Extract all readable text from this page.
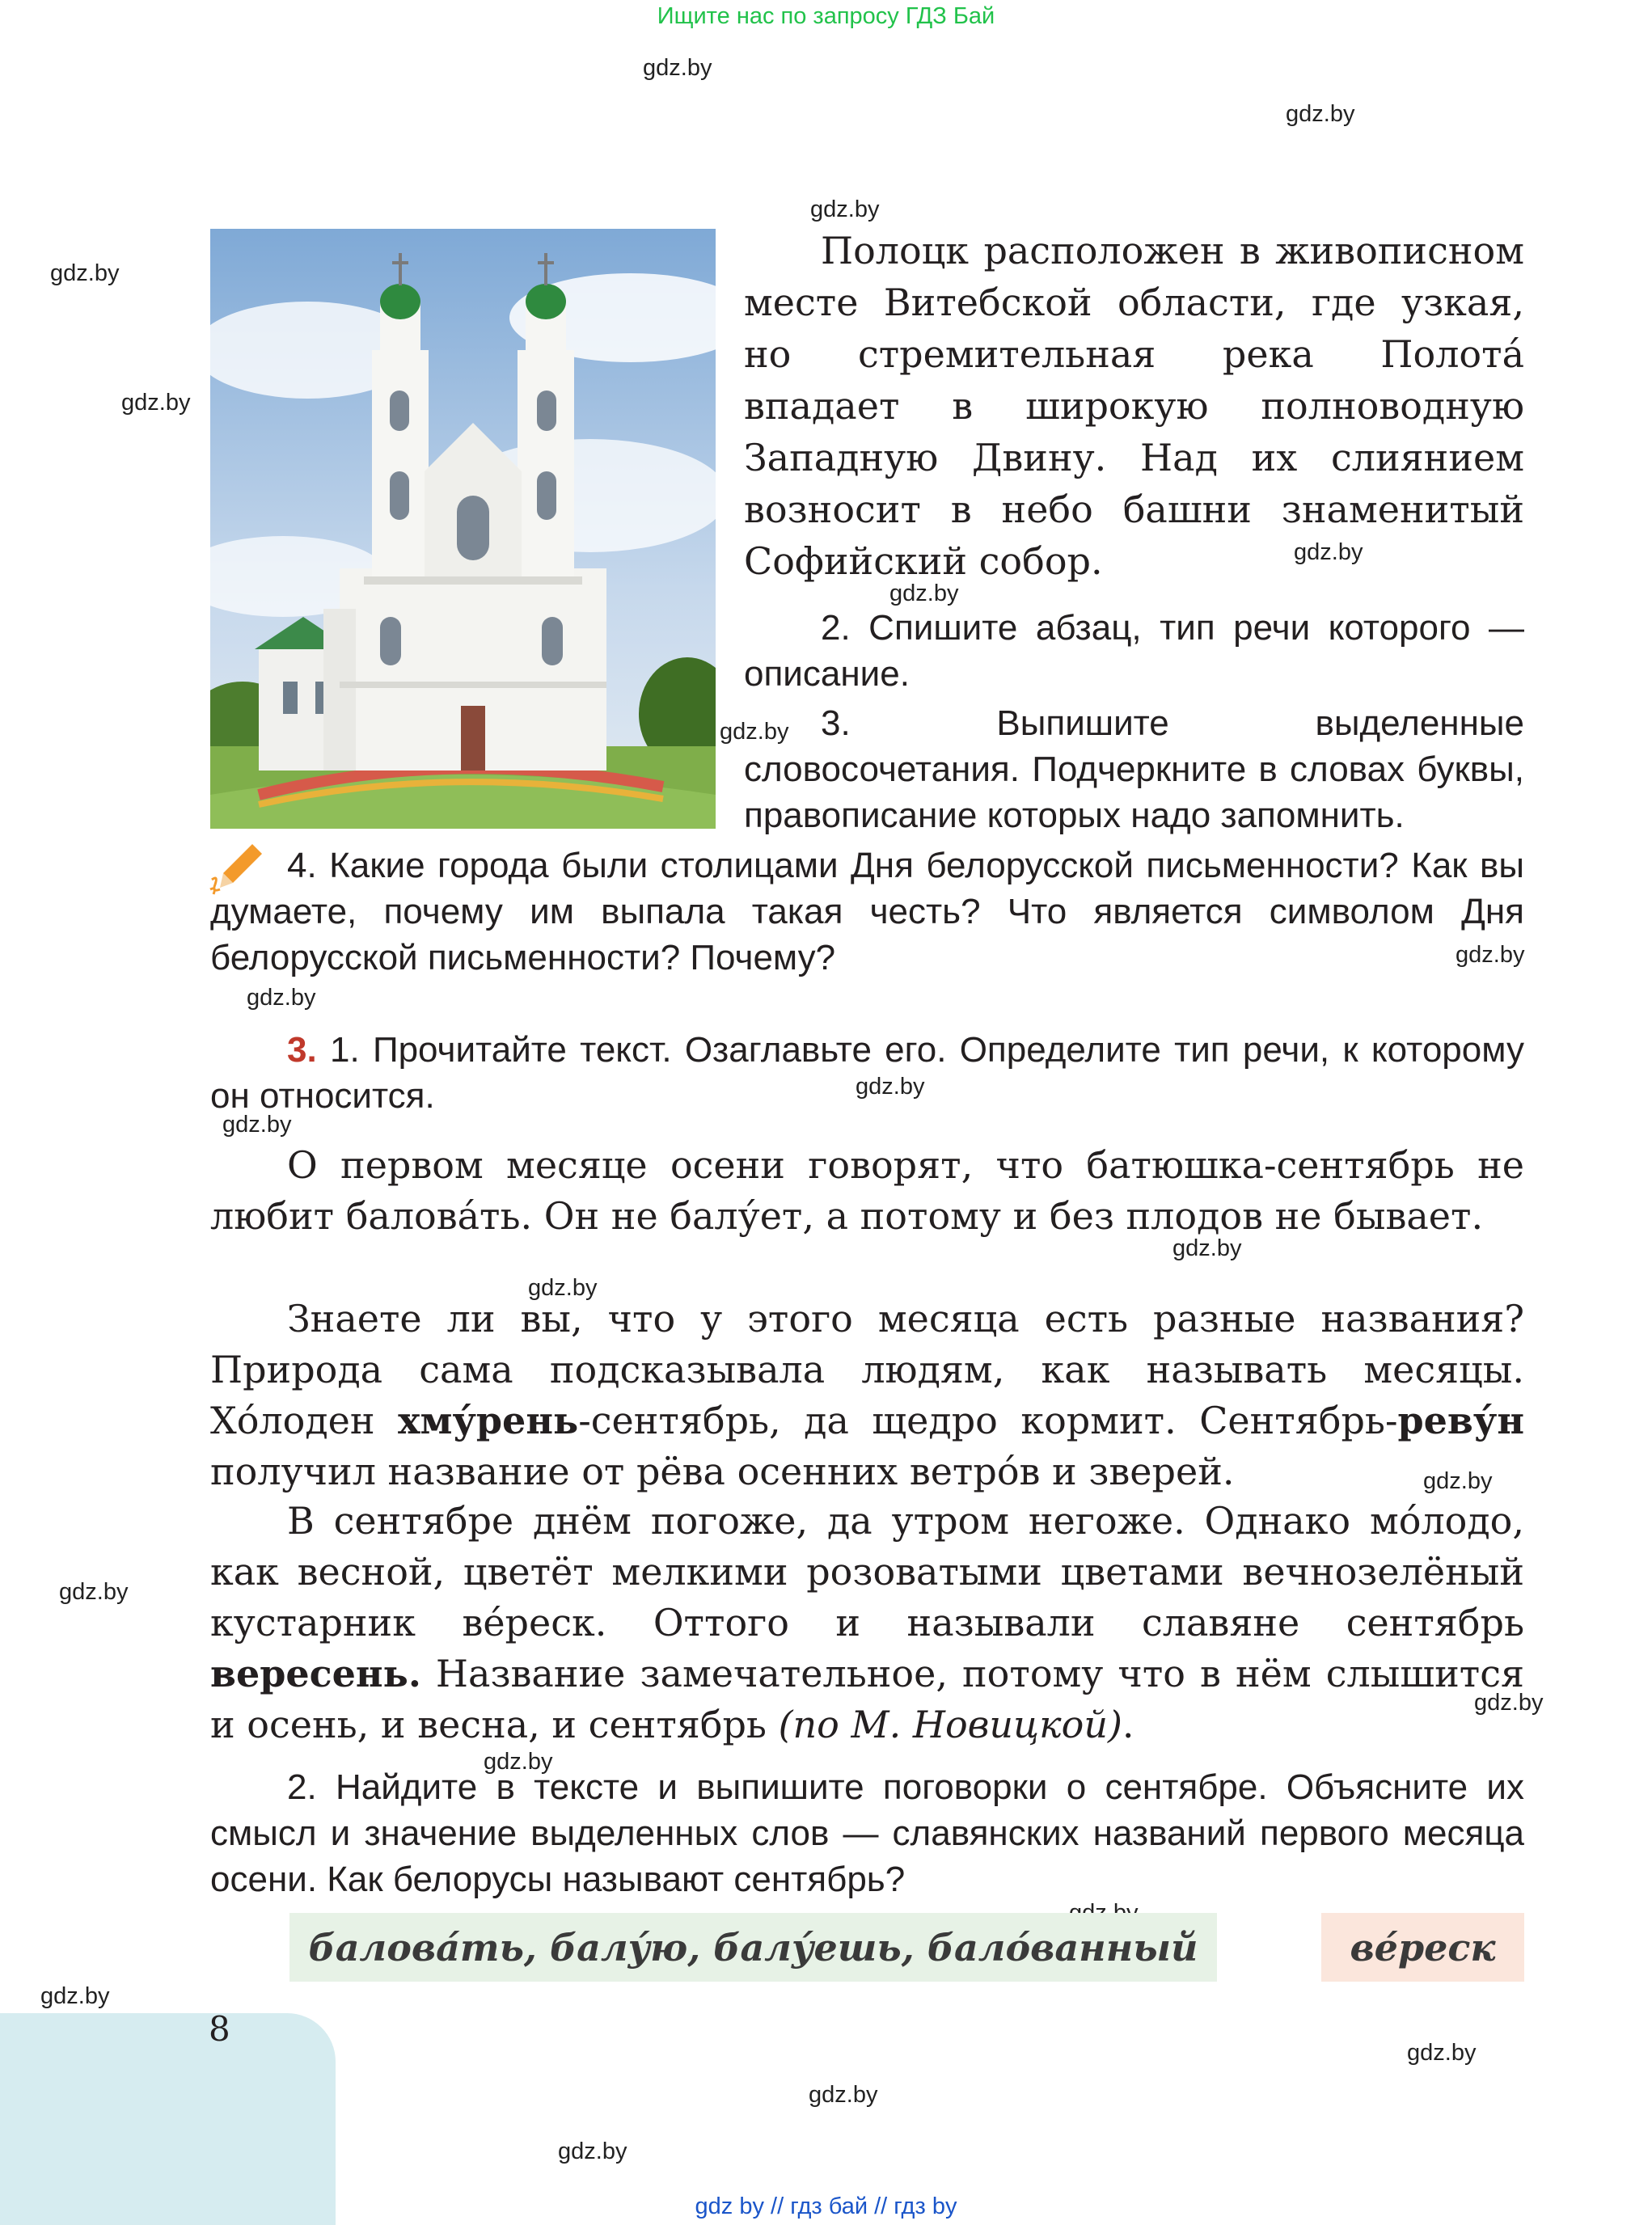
Ищите нас по запросу ГДЗ Бай
gdz.by
gdz.by
gdz.by
gdz.by
gdz.by
gdz.by
gdz.by
gdz.by
gdz.by
gdz.by
gdz.by
gdz.by
gdz.by
gdz.by
gdz.by
gdz.by
gdz.by
gdz.by
gdz.by
gdz.by
gdz.by
gdz.by

Полоцк расположен в живописном месте Витебской области, где узкая, но стремительная река Полота́ впадает в широкую полноводную Западную Двину. Над их слиянием возносит в небо башни знаменитый Софийский собор.

2. Спишите абзац, тип речи которого — описание.

3. Выпишите выделенные словосочетания. Подчеркните в словах буквы, правописание которых надо запомнить.

4. Какие города были столицами Дня белорусской письменности? Как вы думаете, почему им выпала такая честь? Что является символом Дня белорусской письменности? Почему?

3. 1. Прочитайте текст. Озаглавьте его. Определите тип речи, к которому он относится.

О первом месяце осени говорят, что батюшка-сентябрь не любит балова́ть. Он не балу́ет, а потому и без плодов не бывает.

Знаете ли вы, что у этого месяца есть разные названия? Природа сама подсказывала людям, как называть месяцы. Хо́лоден хму́рень-сентябрь, да щедро кормит. Сентябрь-реву́н получил название от рёва осенних ветро́в и зверей.

В сентябре днём погоже, да утром негоже. Однако мо́лодо, как весной, цветёт мелкими розоватыми цветами вечнозелёный кустарник ве́реск. Оттого и называли славяне сентябрь вересень. Название замечательное, потому что в нём слышится и осень, и весна, и сентябрь (по М. Новицкой).

2. Найдите в тексте и выпишите поговорки о сентябре. Объясните их смысл и значение выделенных слов — славянских названий первого месяца осени. Как белорусы называют сентябрь?

балова́ть, балу́ю, балу́ешь, бало́ванный	ве́реск
8
gdz by // гдз бай // гдз by
